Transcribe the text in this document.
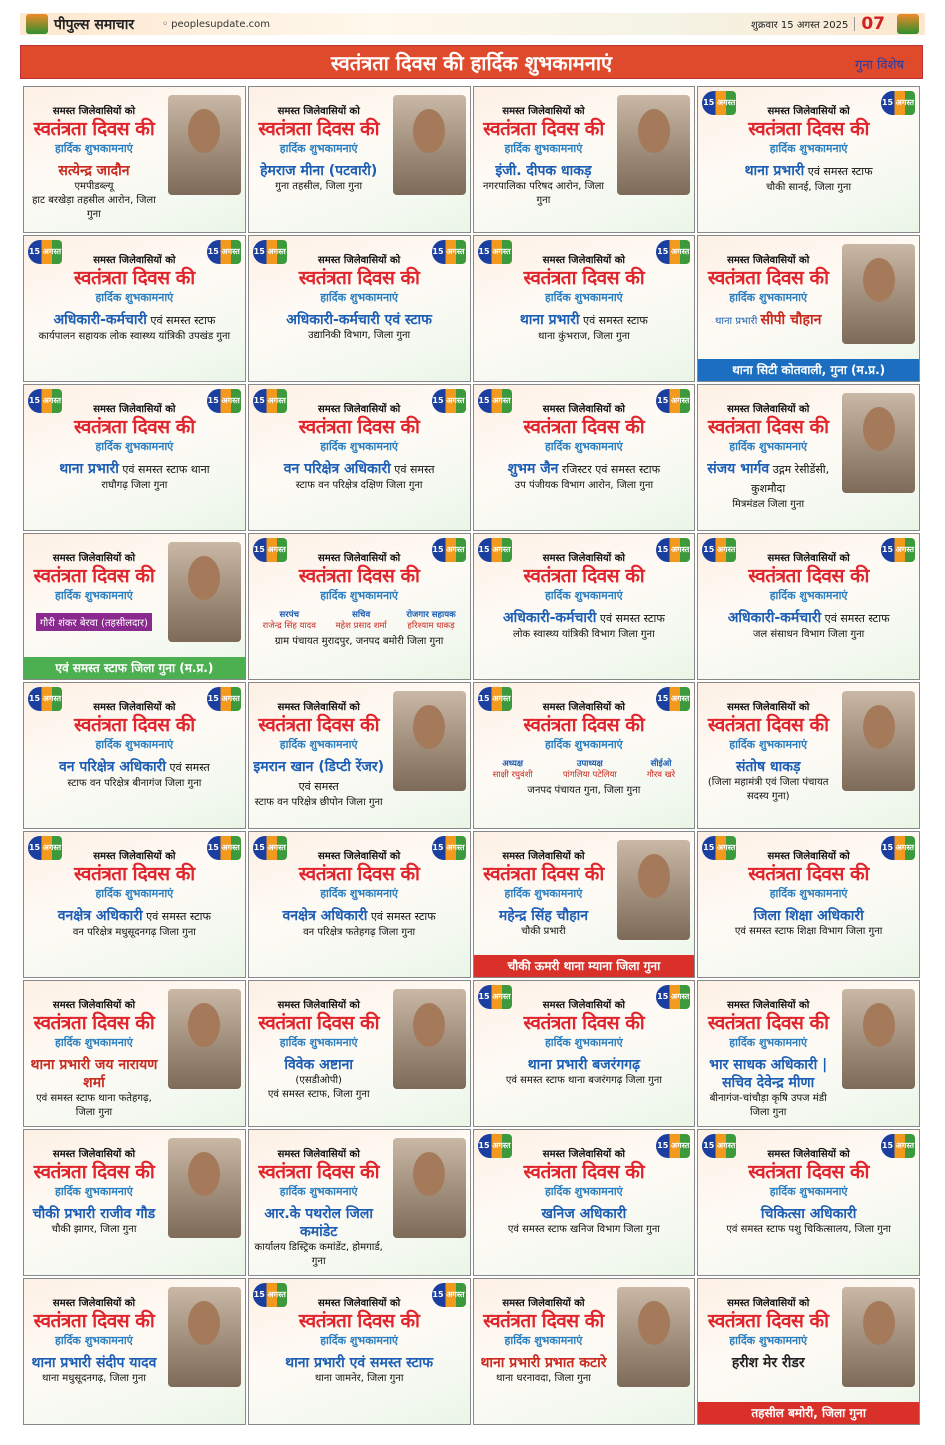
पीपुल्स समाचार	◦ peoplesupdate.com	शुक्रवार 15 अगस्त 2025 07
स्वतंत्रता दिवस की हार्दिक शुभकामनाएं	गुना विशेष
समस्त जिलेवासियों को
स्वतंत्रता दिवस की
हार्दिक शुभकामनाएं
सत्येन्द्र जादौन
एमपीडब्ल्यू
हाट बरखेड़ा तहसील आरोन, जिला गुना
समस्त जिलेवासियों को
स्वतंत्रता दिवस की
हार्दिक शुभकामनाएं
हेमराज मीना (पटवारी)
गुना तहसील, जिला गुना
समस्त जिलेवासियों को
स्वतंत्रता दिवस की
हार्दिक शुभकामनाएं
इंजी. दीपक धाकड़
नगरपालिका परिषद आरोन, जिला गुना
15 अगस्त	15 अगस्त
समस्त जिलेवासियों को
स्वतंत्रता दिवस की
हार्दिक शुभकामनाएं
थाना प्रभारी एवं समस्त स्टाफ
चौकी सानई, जिला गुना
15 अगस्त	15 अगस्त
समस्त जिलेवासियों को
स्वतंत्रता दिवस की
हार्दिक शुभकामनाएं
अधिकारी-कर्मचारी एवं समस्त स्टाफ
कार्यपालन सहायक लोक स्वास्थ्य यांत्रिकी उपखंड गुना
15 अगस्त	15 अगस्त
समस्त जिलेवासियों को
स्वतंत्रता दिवस की
हार्दिक शुभकामनाएं
अधिकारी-कर्मचारी एवं स्टाफ
उद्यानिकी विभाग, जिला गुना
15 अगस्त	15 अगस्त
समस्त जिलेवासियों को
स्वतंत्रता दिवस की
हार्दिक शुभकामनाएं
थाना प्रभारी एवं समस्त स्टाफ
थाना कुंभराज, जिला गुना
समस्त जिलेवासियों को
स्वतंत्रता दिवस की
हार्दिक शुभकामनाएं
थाना प्रभारी सीपी चौहान
थाना सिटी कोतवाली, गुना (म.प्र.)
15 अगस्त	15 अगस्त
समस्त जिलेवासियों को
स्वतंत्रता दिवस की
हार्दिक शुभकामनाएं
थाना प्रभारी एवं समस्त स्टाफ थाना
राघौगढ़ जिला गुना
15 अगस्त	15 अगस्त
समस्त जिलेवासियों को
स्वतंत्रता दिवस की
हार्दिक शुभकामनाएं
वन परिक्षेत्र अधिकारी एवं समस्त
स्टाफ वन परिक्षेत्र दक्षिण जिला गुना
15 अगस्त	15 अगस्त
समस्त जिलेवासियों को
स्वतंत्रता दिवस की
हार्दिक शुभकामनाएं
शुभम जैन रजिस्टर एवं समस्त स्टाफ
उप पंजीयक विभाग आरोन, जिला गुना
समस्त जिलेवासियों को
स्वतंत्रता दिवस की
हार्दिक शुभकामनाएं
संजय भार्गव उद्गम रेसीडेंसी, कुशमौदा
मित्रमंडल जिला गुना
समस्त जिलेवासियों को
स्वतंत्रता दिवस की
हार्दिक शुभकामनाएं
गौरी शंकर बेरवा (तहसीलदार)
एवं समस्त स्टाफ जिला गुना (म.प्र.)
15 अगस्त	15 अगस्त
समस्त जिलेवासियों को
स्वतंत्रता दिवस की
हार्दिक शुभकामनाएं
सरपंच
राजेन्द्र सिंह यादव
सचिव
महेश प्रसाद शर्मा
रोजगार सहायक
हरिश्याम धाकड़
ग्राम पंचायत मुरादपुर, जनपद बमोरी जिला गुना
15 अगस्त	15 अगस्त
समस्त जिलेवासियों को
स्वतंत्रता दिवस की
हार्दिक शुभकामनाएं
अधिकारी-कर्मचारी एवं समस्त स्टाफ
लोक स्वास्थ्य यांत्रिकी विभाग जिला गुना
15 अगस्त	15 अगस्त
समस्त जिलेवासियों को
स्वतंत्रता दिवस की
हार्दिक शुभकामनाएं
अधिकारी-कर्मचारी एवं समस्त स्टाफ
जल संसाधन विभाग जिला गुना
15 अगस्त	15 अगस्त
समस्त जिलेवासियों को
स्वतंत्रता दिवस की
हार्दिक शुभकामनाएं
वन परिक्षेत्र अधिकारी एवं समस्त
स्टाफ वन परिक्षेत्र बीनागंज जिला गुना
समस्त जिलेवासियों को
स्वतंत्रता दिवस की
हार्दिक शुभकामनाएं
इमरान खान (डिप्टी रेंजर) एवं समस्त
स्टाफ वन परिक्षेत्र छीपोन जिला गुना
15 अगस्त	15 अगस्त
समस्त जिलेवासियों को
स्वतंत्रता दिवस की
हार्दिक शुभकामनाएं
अध्यक्ष
साक्षी रघुवंशी
उपाध्यक्ष
पांगलिया पटेलिया
सीईओ
गौरव खरे
जनपद पंचायत गुना, जिला गुना
समस्त जिलेवासियों को
स्वतंत्रता दिवस की
हार्दिक शुभकामनाएं
संतोष धाकड़
(जिला महामंत्री एवं जिला पंचायत सदस्य गुना)
15 अगस्त	15 अगस्त
समस्त जिलेवासियों को
स्वतंत्रता दिवस की
हार्दिक शुभकामनाएं
वनक्षेत्र अधिकारी एवं समस्त स्टाफ
वन परिक्षेत्र मधुसूदनगढ़ जिला गुना
15 अगस्त	15 अगस्त
समस्त जिलेवासियों को
स्वतंत्रता दिवस की
हार्दिक शुभकामनाएं
वनक्षेत्र अधिकारी एवं समस्त स्टाफ
वन परिक्षेत्र फतेहगढ़ जिला गुना
समस्त जिलेवासियों को
स्वतंत्रता दिवस की
हार्दिक शुभकामनाएं
महेन्द्र सिंह चौहान
चौकी प्रभारी
चौकी ऊमरी थाना म्याना जिला गुना
15 अगस्त	15 अगस्त
समस्त जिलेवासियों को
स्वतंत्रता दिवस की
हार्दिक शुभकामनाएं
जिला शिक्षा अधिकारी
एवं समस्त स्टाफ शिक्षा विभाग जिला गुना
समस्त जिलेवासियों को
स्वतंत्रता दिवस की
हार्दिक शुभकामनाएं
थाना प्रभारी जय नारायण शर्मा
एवं समस्त स्टाफ थाना फतेहगढ़, जिला गुना
समस्त जिलेवासियों को
स्वतंत्रता दिवस की
हार्दिक शुभकामनाएं
विवेक अष्टाना
(एसडीओपी)
एवं समस्त स्टाफ, जिला गुना
15 अगस्त	15 अगस्त
समस्त जिलेवासियों को
स्वतंत्रता दिवस की
हार्दिक शुभकामनाएं
थाना प्रभारी बजरंगगढ़
एवं समस्त स्टाफ थाना बजरंगगढ़ जिला गुना
समस्त जिलेवासियों को
स्वतंत्रता दिवस की
हार्दिक शुभकामनाएं
भार साधक अधिकारी | सचिव देवेन्द्र मीणा
बीनागंज-चांचौड़ा कृषि उपज मंडी जिला गुना
समस्त जिलेवासियों को
स्वतंत्रता दिवस की
हार्दिक शुभकामनाएं
चौकी प्रभारी राजीव गौड
चौकी झागर, जिला गुना
समस्त जिलेवासियों को
स्वतंत्रता दिवस की
हार्दिक शुभकामनाएं
आर.के पथरोल जिला कमांडेट
कार्यालय डिस्ट्रिक कमांडेंट, होमगार्ड, गुना
15 अगस्त	15 अगस्त
समस्त जिलेवासियों को
स्वतंत्रता दिवस की
हार्दिक शुभकामनाएं
खनिज अधिकारी
एवं समस्त स्टाफ खनिज विभाग जिला गुना
15 अगस्त	15 अगस्त
समस्त जिलेवासियों को
स्वतंत्रता दिवस की
हार्दिक शुभकामनाएं
चिकित्सा अधिकारी
एवं समस्त स्टाफ पशु चिकित्सालय, जिला गुना
समस्त जिलेवासियों को
स्वतंत्रता दिवस की
हार्दिक शुभकामनाएं
थाना प्रभारी संदीप यादव
थाना मधुसूदनगढ़, जिला गुना
15 अगस्त	15 अगस्त
समस्त जिलेवासियों को
स्वतंत्रता दिवस की
हार्दिक शुभकामनाएं
थाना प्रभारी एवं समस्त स्टाफ
थाना जामनेर, जिला गुना
समस्त जिलेवासियों को
स्वतंत्रता दिवस की
हार्दिक शुभकामनाएं
थाना प्रभारी प्रभात कटारे
थाना धरनावदा, जिला गुना
समस्त जिलेवासियों को
स्वतंत्रता दिवस की
हार्दिक शुभकामनाएं
हरीश मेर रीडर
तहसील बमोरी, जिला गुना
